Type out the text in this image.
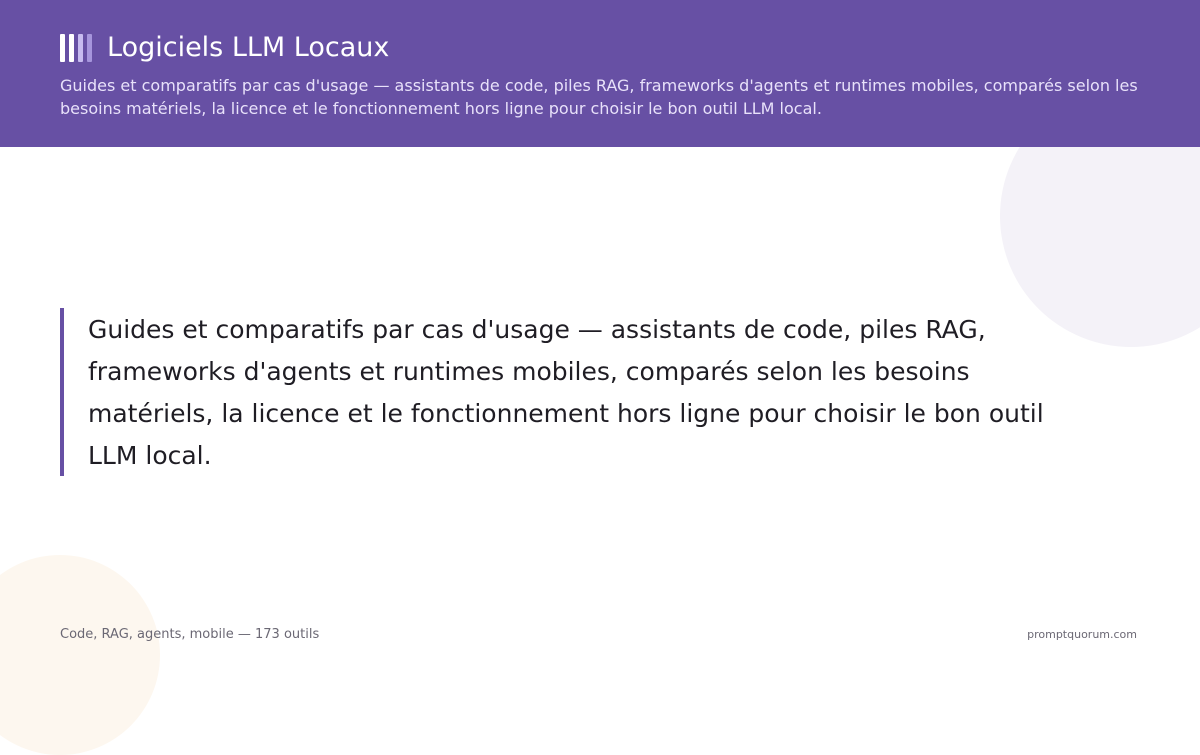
Logiciels LLM Locaux
Guides et comparatifs par cas d'usage — assistants de code, piles RAG, frameworks d'agents et runtimes mobiles, comparés selon les besoins matériels, la licence et le fonctionnement hors ligne pour choisir le bon outil LLM local.
Guides et comparatifs par cas d'usage — assistants de code, piles RAG, frameworks d'agents et runtimes mobiles, comparés selon les besoins matériels, la licence et le fonctionnement hors ligne pour choisir le bon outil LLM local.
Code, RAG, agents, mobile — 173 outils	promptquorum.com
